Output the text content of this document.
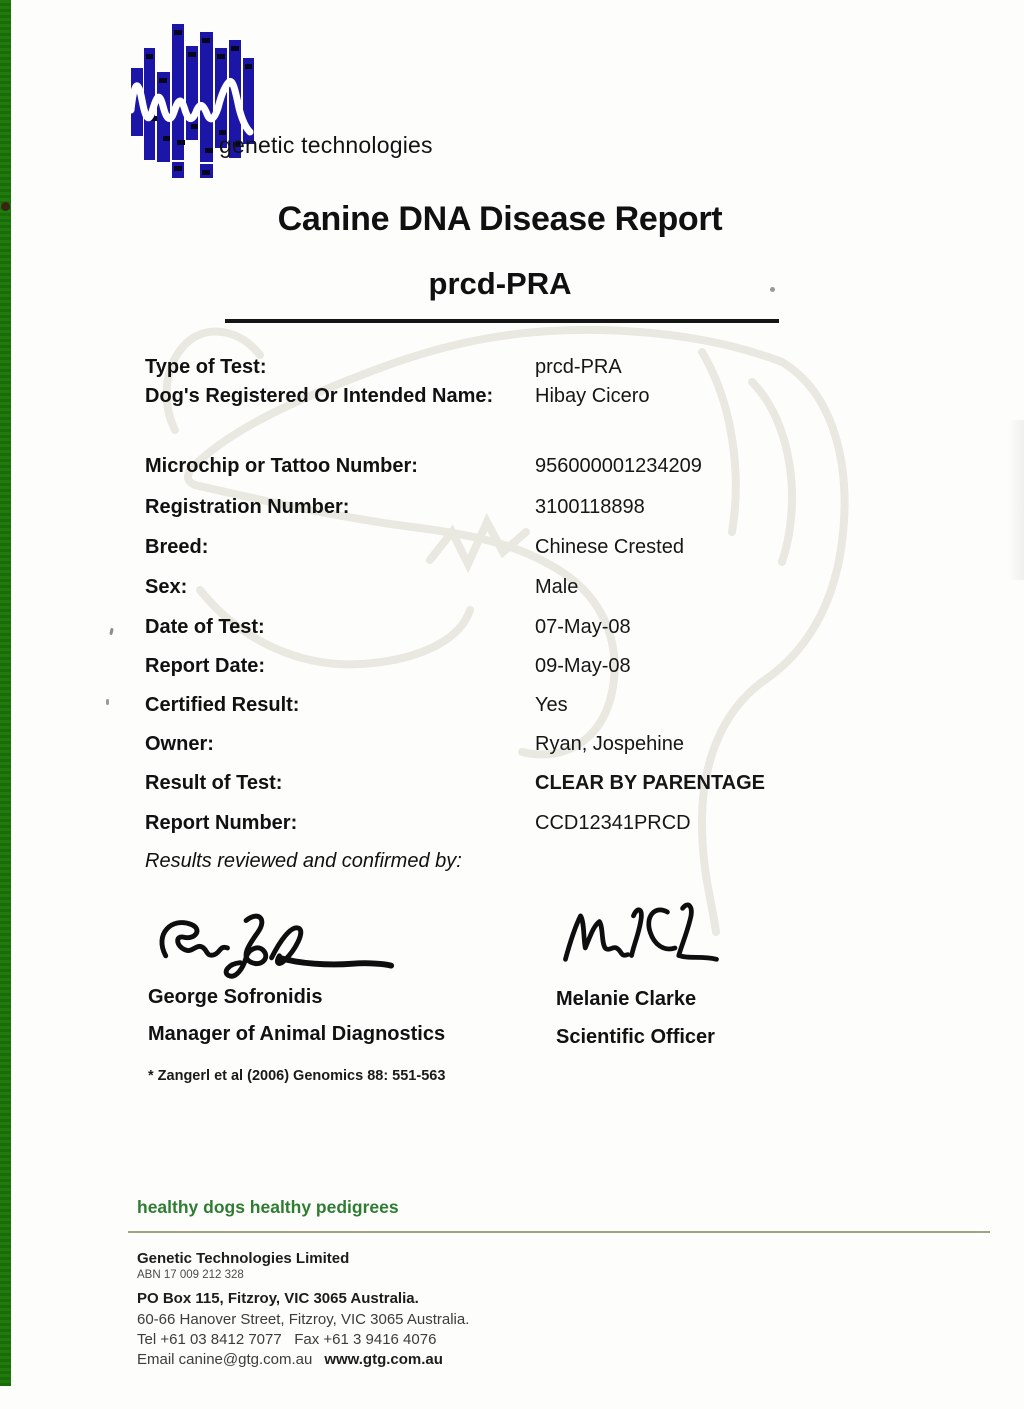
genetic technologies
Canine DNA Disease Report
prcd-PRA
Type of Test:	prcd-PRA
Dog's Registered Or Intended Name: Hibay Cicero
Microchip or Tattoo Number:	956000001234209
Registration Number:	3100118898
Breed:	Chinese Crested
Sex:	Male
Date of Test:	07-May-08
Report Date:	09-May-08
Certified Result:	Yes
Owner:	Ryan, Jospehine
Result of Test:	CLEAR BY PARENTAGE
Report Number:	CCD12341PRCD
Results reviewed and confirmed by:
George Sofronidis
Manager of Animal Diagnostics
Melanie Clarke
Scientific Officer
* Zangerl et al (2006) Genomics 88: 551-563
healthy dogs healthy pedigrees
Genetic Technologies Limited
ABN 17 009 212 328
PO Box 115, Fitzroy, VIC 3065 Australia.
60-66 Hanover Street, Fitzroy, VIC 3065 Australia.
Tel +61 03 8412 7077   Fax +61 3 9416 4076
Email canine@gtg.com.au www.gtg.com.au
